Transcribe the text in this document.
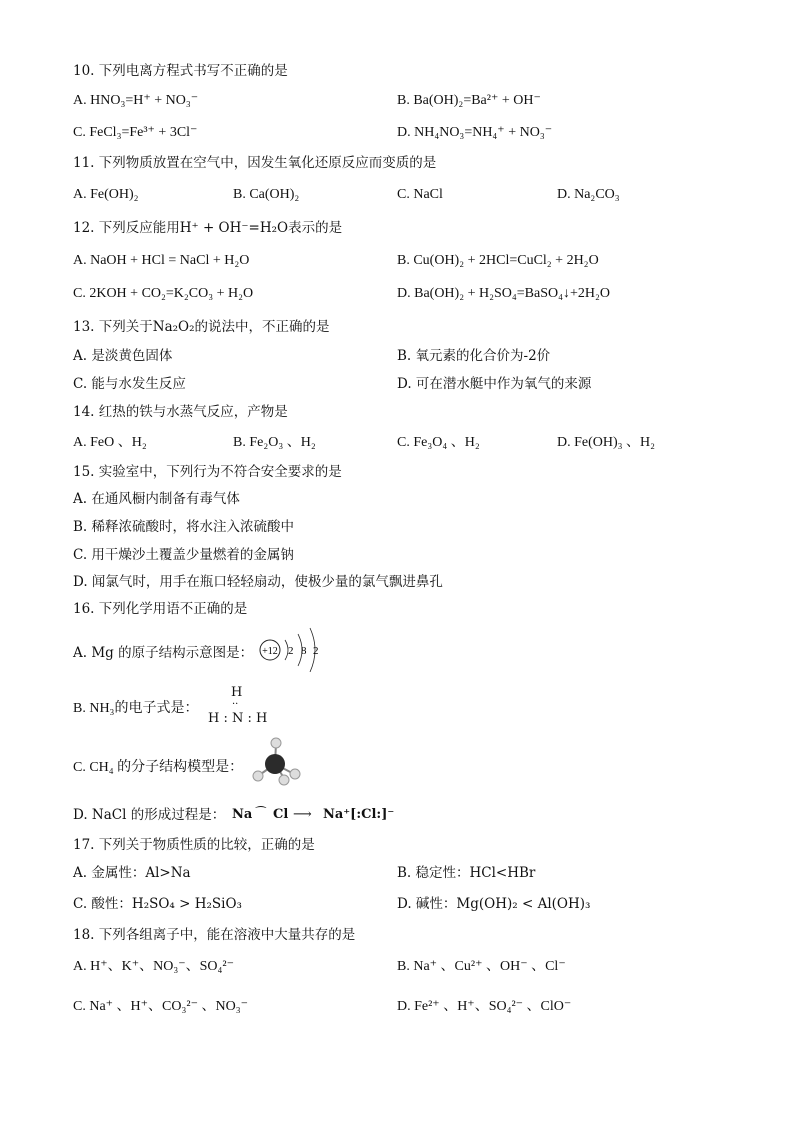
10. 下列电离方程式书写不正确的是
A. HNO₃=H⁺ + NO₃⁻	B. Ba(OH)₂=Ba²⁺ + OH⁻
C. FeCl₃=Fe³⁺ + 3Cl⁻	D. NH₄NO₃=NH₄⁺ + NO₃⁻
11. 下列物质放置在空气中，因发生氧化还原反应而变质的是
A. Fe(OH)₂	B. Ca(OH)₂	C. NaCl	D. Na₂CO₃
12. 下列反应能用H⁺ + OH⁻=H₂O表示的是
A. NaOH + HCl = NaCl + H₂O	B. Cu(OH)₂ + 2HCl=CuCl₂ + 2H₂O
C. 2KOH + CO₂=K₂CO₃ + H₂O	D. Ba(OH)₂ + H₂SO₄=BaSO₄↓+2H₂O
13. 下列关于Na₂O₂的说法中，不正确的是
A. 是淡黄色固体	B. 氧元素的化合价为-2价
C. 能与水发生反应	D. 可在潜水艇中作为氧气的来源
14. 红热的铁与水蒸气反应，产物是
A. FeO 、H₂	B. Fe₂O₃ 、H₂	C. Fe₃O₄ 、H₂	D. Fe(OH)₃ 、H₂
15. 实验室中，下列行为不符合安全要求的是
A. 在通风橱内制备有毒气体
B. 稀释浓硫酸时，将水注入浓硫酸中
C. 用干燥沙土覆盖少量燃着的金属钠
D. 闻氯气时，用手在瓶口轻轻扇动，使极少量的氯气飘进鼻孔
16. 下列化学用语不正确的是
A. Mg 的原子结构示意图是： +12 2 8 2
B. NH₃的电子式是：
H
··
H : N : H
C. CH₄ 的分子结构模型是：
D. NaCl 的形成过程是： Na ⁀ Cl ⟶ Na⁺[:Cl:]⁻
17. 下列关于物质性质的比较，正确的是
A. 金属性：Al>Na	B. 稳定性：HCl<HBr
C. 酸性：H₂SO₄ > H₂SiO₃	D. 碱性：Mg(OH)₂ < Al(OH)₃
18. 下列各组离子中，能在溶液中大量共存的是
A. H⁺、K⁺、NO₃⁻、SO₄²⁻	B. Na⁺ 、Cu²⁺ 、OH⁻ 、Cl⁻
C. Na⁺ 、H⁺、CO₃²⁻ 、NO₃⁻	D. Fe²⁺ 、H⁺、SO₄²⁻ 、ClO⁻
